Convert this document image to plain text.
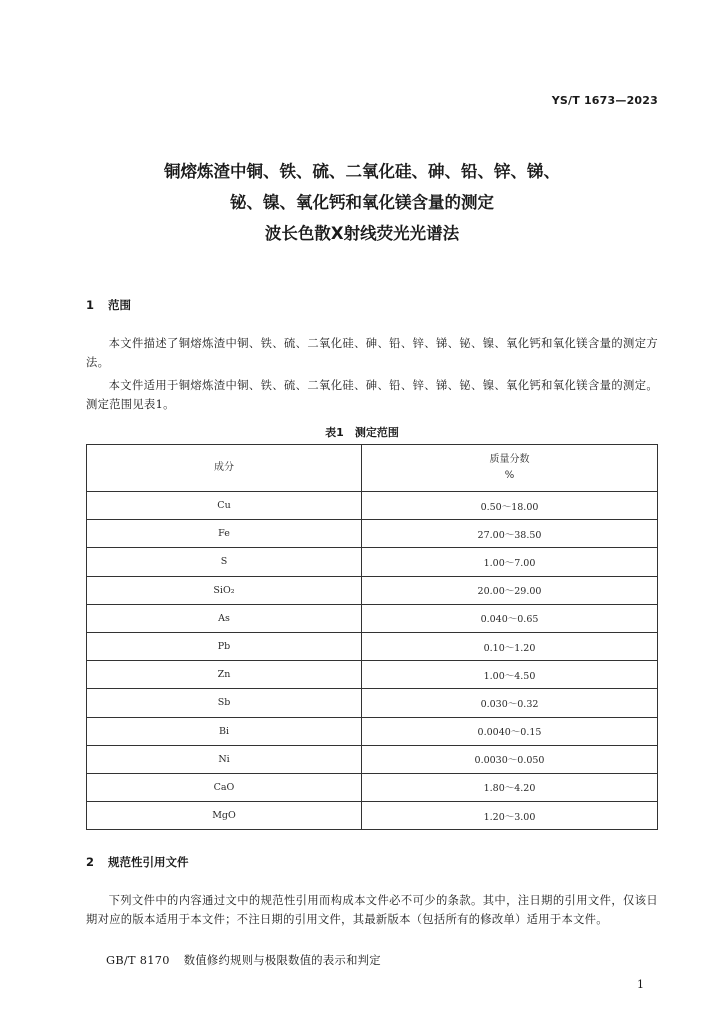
YS/T 1673—2023
铜熔炼渣中铜、铁、硫、二氧化硅、砷、铅、锌、锑、
铋、镍、氧化钙和氧化镁含量的测定
波长色散X射线荧光光谱法
1 范围
本文件描述了铜熔炼渣中铜、铁、硫、二氧化硅、砷、铅、锌、锑、铋、镍、氧化钙和氧化镁含量的测定方法。
本文件适用于铜熔炼渣中铜、铁、硫、二氧化硅、砷、铅、锌、锑、铋、镍、氧化钙和氧化镁含量的测定。测定范围见表1。
表1　测定范围
成分	质量分数
%

Cu	0.50～18.00
Fe	27.00～38.50
S	1.00～7.00
SiO₂	20.00～29.00
As	0.040～0.65
Pb	0.10～1.20
Zn	1.00～4.50
Sb	0.030～0.32
Bi	0.0040～0.15
Ni	0.0030～0.050
CaO	1.80～4.20
MgO	1.20～3.00
2 规范性引用文件
下列文件中的内容通过文中的规范性引用而构成本文件必不可少的条款。其中，注日期的引用文件，仅该日期对应的版本适用于本文件；不注日期的引用文件，其最新版本（包括所有的修改单）适用于本文件。
GB/T 8170 数值修约规则与极限数值的表示和判定
1
